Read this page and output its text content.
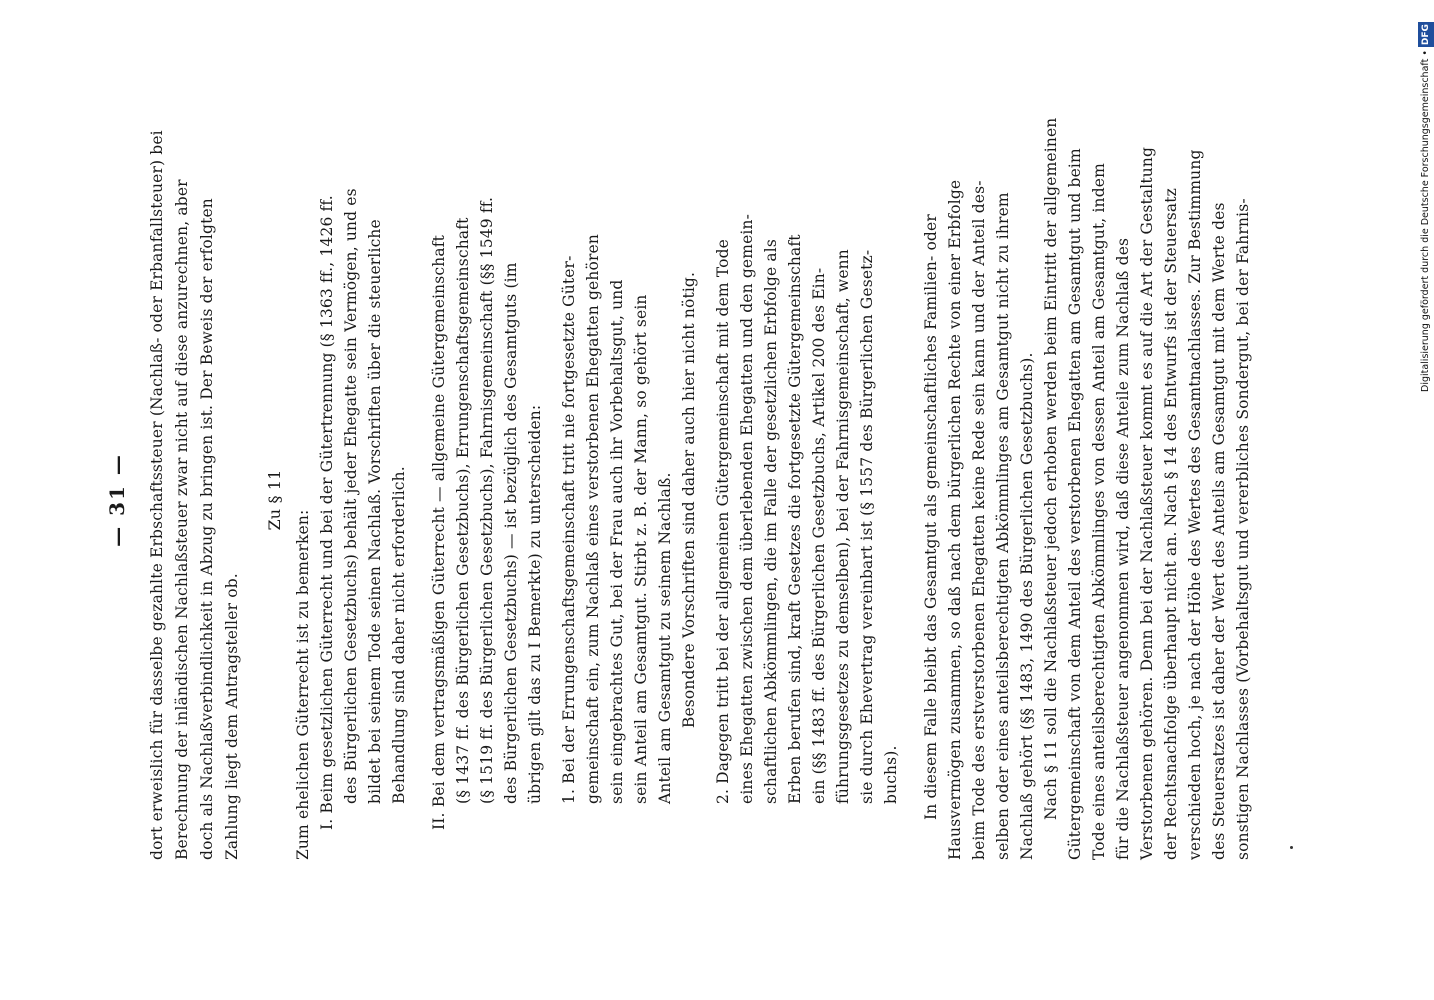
— 31 — dort erweislich für dasselbe gezahlte Erbschaftssteuer (Nachlaß- oder Erbanfallsteuer) bei Berechnung der inländischen Nachlaßsteuer zwar nicht auf diese anzurechnen, aber doch als Nachlaßverbindlichkeit in Abzug zu bringen ist. Der Beweis der erfolgten Zahlung liegt dem Antragsteller ob.
Zu § 11
Zum ehelichen Güterrecht ist zu bemerken: I. Beim gesetzlichen Güterrecht und bei der Gütertrennung (§ 1363 ff., 1426 ff. des Bürgerlichen Gesetzbuchs) behält jeder Ehegatte sein Vermögen, und es bildet bei seinem Tode seinen Nachlaß. Vorschriften über die steuerliche Behandlung sind daher nicht erforderlich. II. Bei dem vertragsmäßigen Güterrecht — allgemeine Gütergemeinschaft (§ 1437 ff. des Bürgerlichen Gesetzbuchs), Errungenschaftsgemeinschaft (§ 1519 ff. des Bürgerlichen Gesetzbuchs), Fahrnisgemeinschaft (§§ 1549 ff. des Bürgerlichen Gesetzbuchs) — ist bezüglich des Gesamtguts (im übrigen gilt das zu I Bemerkte) zu unterscheiden: 1. Bei der Errungenschaftsgemeinschaft tritt nie fortgesetzte Güter- gemeinschaft ein, zum Nachlaß eines verstorbenen Ehegatten gehören sein eingebrachtes Gut, bei der Frau auch ihr Vorbehaltsgut, und sein Anteil am Gesamtgut. Stirbt z. B. der Mann, so gehört sein Anteil am Gesamtgut zu seinem Nachlaß. Besondere Vorschriften sind daher auch hier nicht nötig. 2. Dagegen tritt bei der allgemeinen Gütergemeinschaft mit dem Tode eines Ehegatten zwischen dem überlebenden Ehegatten und den gemein- schaftlichen Abkömmlingen, die im Falle der gesetzlichen Erbfolge als Erben berufen sind, kraft Gesetzes die fortgesetzte Gütergemeinschaft ein (§§ 1483 ff. des Bürgerlichen Gesetzbuchs, Artikel 200 des Ein- führungsgesetzes zu demselben), bei der Fahrnisgemeinschaft, wenn sie durch Ehevertrag vereinbart ist (§ 1557 des Bürgerlichen Gesetz- buchs). In diesem Falle bleibt das Gesamtgut als gemeinschaftliches Familien- oder Hausvermögen zusammen, so daß nach dem bürgerlichen Rechte von einer Erbfolge beim Tode des erstverstorbenen Ehegatten keine Rede sein kann und der Anteil des- selben oder eines anteilsberechtigten Abkömmlinges am Gesamtgut nicht zu ihrem Nachlaß gehört (§§ 1483, 1490 des Bürgerlichen Gesetzbuchs). Nach § 11 soll die Nachlaßsteuer jedoch erhoben werden beim Eintritt der allgemeinen Gütergemeinschaft von dem Anteil des verstorbenen Ehegatten am Gesamtgut und beim Tode eines anteilsberechtigten Abkömmlinges von dessen Anteil am Gesamtgut, indem für die Nachlaßsteuer angenommen wird, daß diese Anteile zum Nachlaß des Verstorbenen gehören. Denn bei der Nachlaßsteuer kommt es auf die Art der Gestaltung der Rechtsnachfolge überhaupt nicht an. Nach § 14 des Entwurfs ist der Steuersatz verschieden hoch, je nach der Höhe des Wertes des Gesamtnachlasses. Zur Bestimmung des Steuersatzes ist daher der Wert des Anteils am Gesamtgut mit dem Werte des sonstigen Nachlasses (Vorbehaltsgut und vererbliches Sondergut, bei der Fahrnis-	Digitalisierung gefördert durch die Deutsche Forschungsgemeinschaft •
DFG
